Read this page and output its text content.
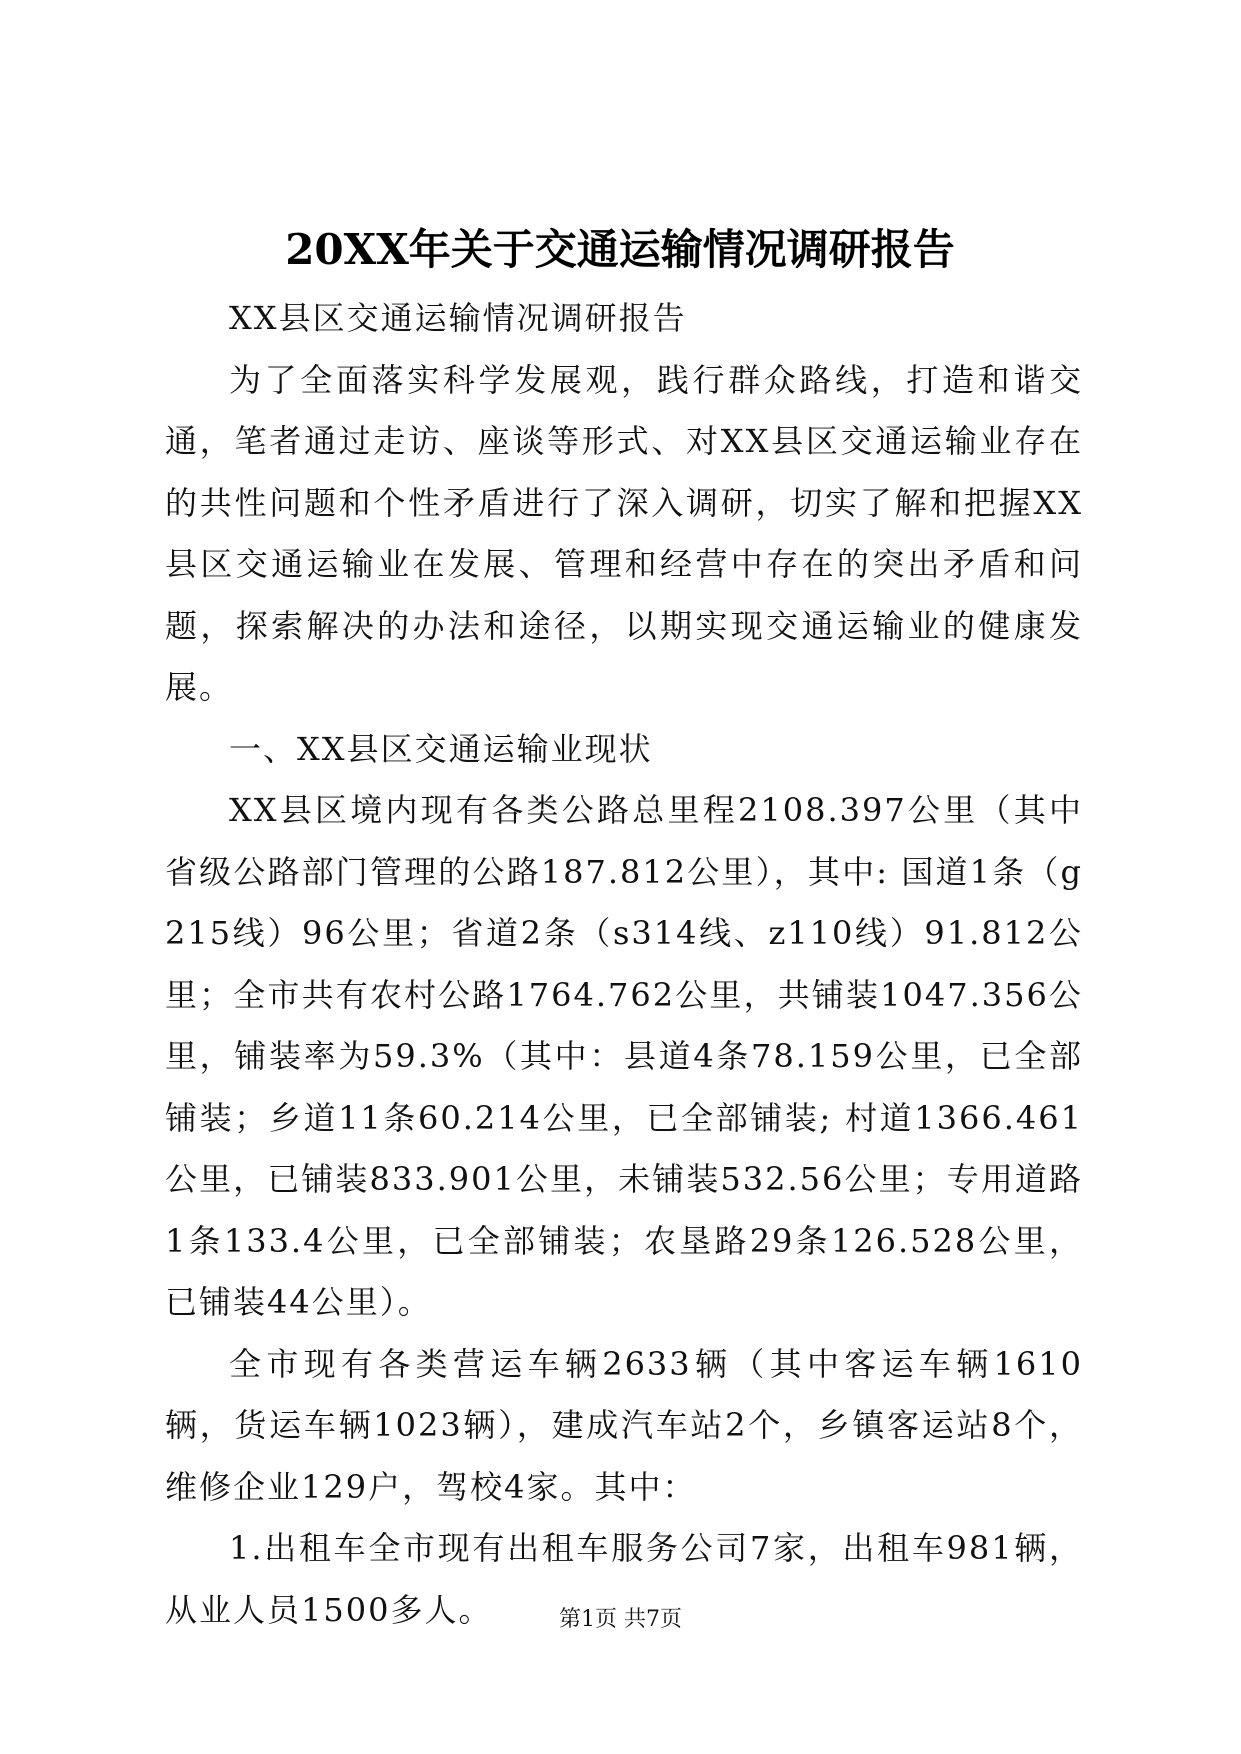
20XX年关于交通运输情况调研报告

XX县区交通运输情况调研报告

为了全面落实科学发展观，践行群众路线，打造和谐交通，笔者通过走访、座谈等形式、对XX县区交通运输业存在的共性问题和个性矛盾进行了深入调研，切实了解和把握XX县区交通运输业在发展、管理和经营中存在的突出矛盾和问题，探索解决的办法和途径，以期实现交通运输业的健康发展。

一、XX县区交通运输业现状

XX县区境内现有各类公路总里程2108.397公里（其中省级公路部门管理的公路187.812公里），其中: 国道1条（g215线）96公里；省道2条（s314线、z110线）91.812公里；全市共有农村公路1764.762公里，共铺装1047.356公里，铺装率为59.3%（其中：县道4条78.159公里，已全部铺装；乡道11条60.214公里，已全部铺装; 村道1366.461公里，已铺装833.901公里，未铺装532.56公里；专用道路1条133.4公里，已全部铺装；农垦路29条126.528公里，已铺装44公里）。

全市现有各类营运车辆2633辆（其中客运车辆1610辆，货运车辆1023辆），建成汽车站2个，乡镇客运站8个，维修企业129户，驾校4家。其中：

1.出租车全市现有出租车服务公司7家，出租车981辆，从业人员1500多人。	第1页 共7页
